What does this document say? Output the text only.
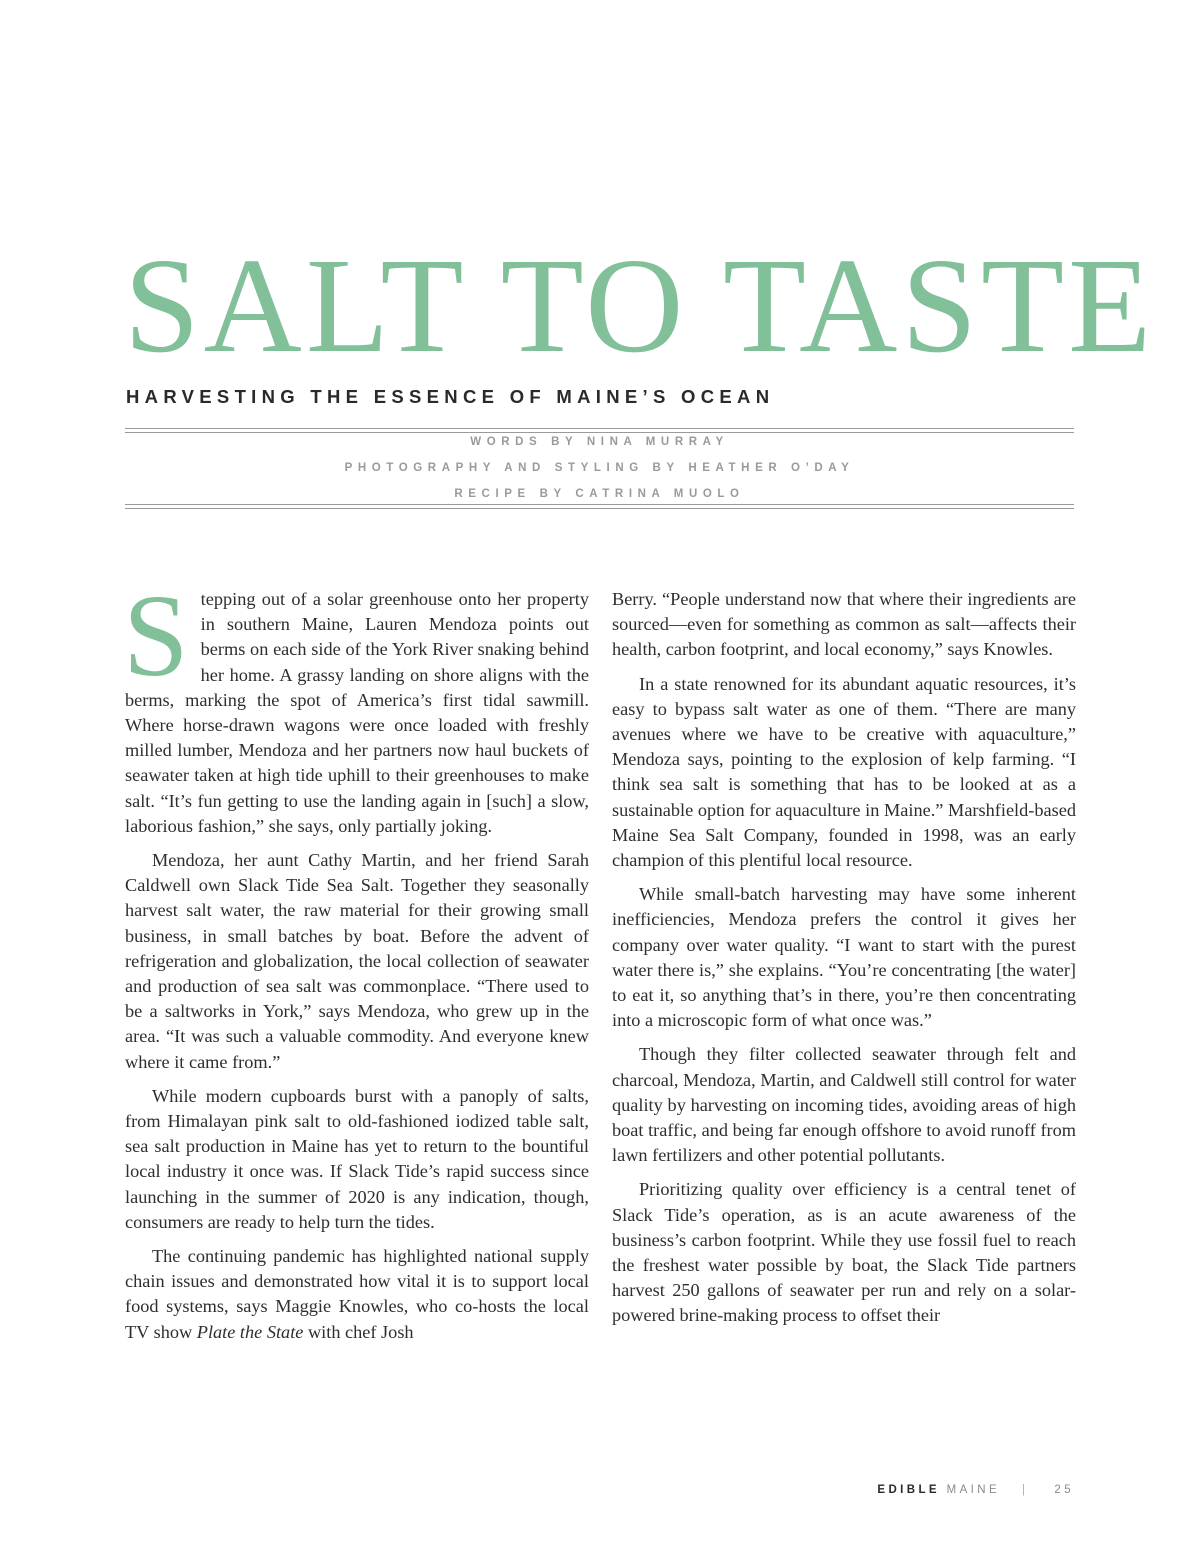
SALT TO TASTE
HARVESTING THE ESSENCE OF MAINE’S OCEAN
WORDS BY NINA MURRAY
PHOTOGRAPHY AND STYLING BY HEATHER O’DAY
RECIPE BY CATRINA MUOLO

Stepping out of a solar greenhouse onto her property in southern Maine, Lauren Mendoza points out berms on each side of the York River snaking behind her home. A grassy landing on shore aligns with the berms, marking the spot of America’s first tidal sawmill. Where horse-drawn wagons were once loaded with freshly milled lumber, Mendoza and her partners now haul buckets of seawater taken at high tide uphill to their greenhouses to make salt. “It’s fun getting to use the landing again in [such] a slow, laborious fashion,” she says, only partially joking.

Mendoza, her aunt Cathy Martin, and her friend Sarah Caldwell own Slack Tide Sea Salt. Together they seasonally harvest salt water, the raw material for their growing small business, in small batches by boat. Before the advent of refrigeration and globalization, the local collection of seawater and production of sea salt was commonplace. “There used to be a saltworks in York,” says Mendoza, who grew up in the area. “It was such a valuable commodity. And everyone knew where it came from.”

While modern cupboards burst with a panoply of salts, from Himalayan pink salt to old-fashioned iodized table salt, sea salt production in Maine has yet to return to the bountiful local industry it once was. If Slack Tide’s rapid success since launching in the summer of 2020 is any indication, though, consumers are ready to help turn the tides.

The continuing pandemic has highlighted national supply chain issues and demonstrated how vital it is to support local food systems, says Maggie Knowles, who co-hosts the local TV show Plate the State with chef Josh

Berry. “People understand now that where their ingredients are sourced—even for something as common as salt—affects their health, carbon footprint, and local economy,” says Knowles.

In a state renowned for its abundant aquatic resources, it’s easy to bypass salt water as one of them. “There are many avenues where we have to be creative with aquaculture,” Mendoza says, pointing to the explosion of kelp farming. “I think sea salt is something that has to be looked at as a sustainable option for aquaculture in Maine.” Marshfield-based Maine Sea Salt Company, founded in 1998, was an early champion of this plentiful local resource.

While small-batch harvesting may have some inherent inefficiencies, Mendoza prefers the control it gives her company over water quality. “I want to start with the purest water there is,” she explains. “You’re concentrating [the water] to eat it, so anything that’s in there, you’re then concentrating into a microscopic form of what once was.”

Though they filter collected seawater through felt and charcoal, Mendoza, Martin, and Caldwell still control for water quality by harvesting on incoming tides, avoiding areas of high boat traffic, and being far enough offshore to avoid runoff from lawn fertilizers and other potential pollutants.

Prioritizing quality over efficiency is a central tenet of Slack Tide’s operation, as is an acute awareness of the business’s carbon footprint. While they use fossil fuel to reach the freshest water possible by boat, the Slack Tide partners harvest 250 gallons of seawater per run and rely on a solar-powered brine-making process to offset their

EDIBLE MAINE | 25
